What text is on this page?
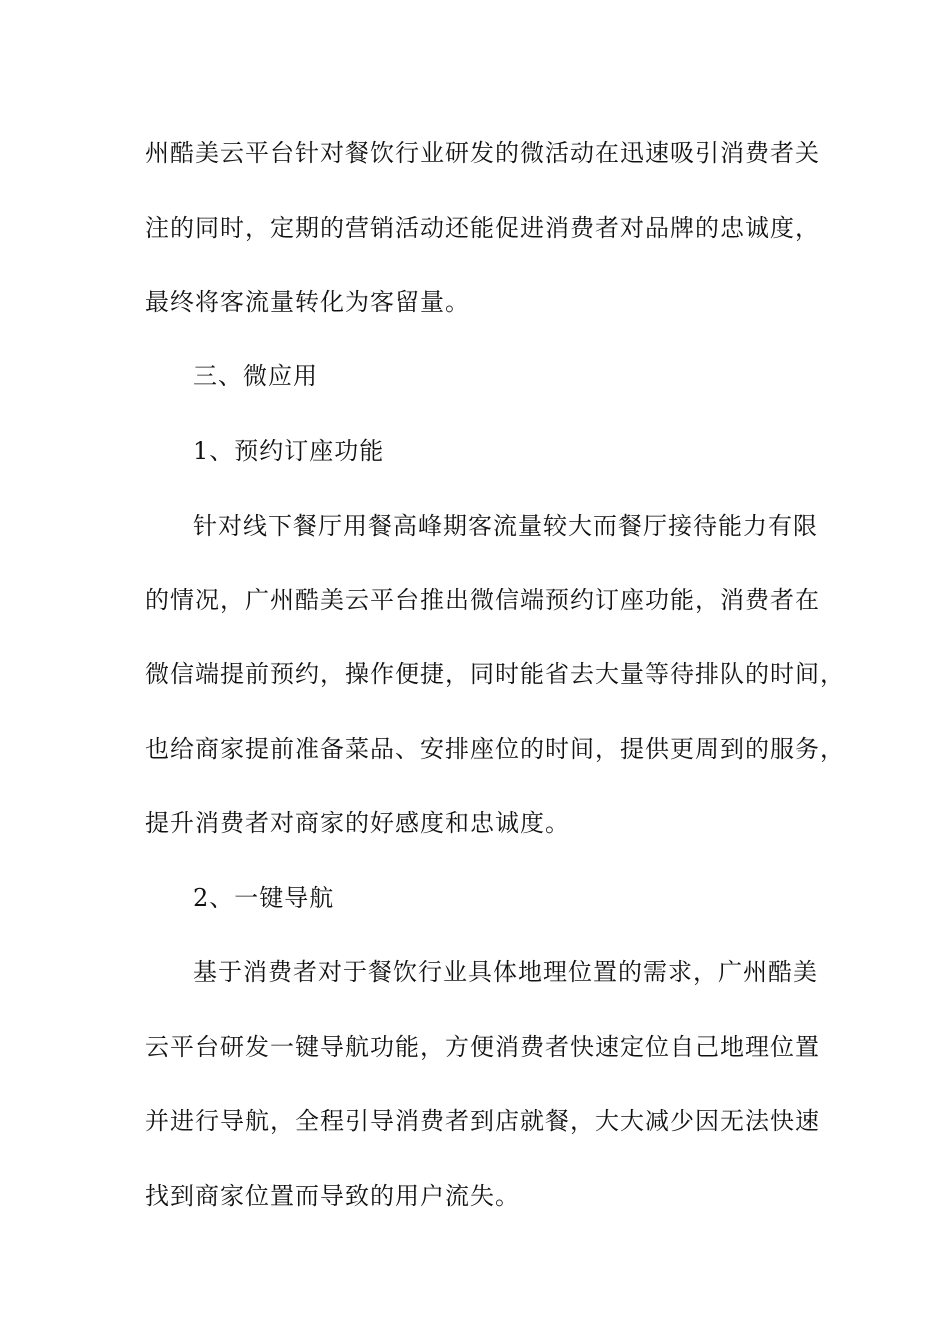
州酷美云平台针对餐饮行业研发的微活动在迅速吸引消费者关
注的同时，定期的营销活动还能促进消费者对品牌的忠诚度，
最终将客流量转化为客留量。
三、微应用
1、预约订座功能
针对线下餐厅用餐高峰期客流量较大而餐厅接待能力有限
的情况，广州酷美云平台推出微信端预约订座功能，消费者在
微信端提前预约，操作便捷，同时能省去大量等待排队的时间，
也给商家提前准备菜品、安排座位的时间，提供更周到的服务，
提升消费者对商家的好感度和忠诚度。
2、一键导航
基于消费者对于餐饮行业具体地理位置的需求，广州酷美
云平台研发一键导航功能，方便消费者快速定位自己地理位置
并进行导航，全程引导消费者到店就餐，大大减少因无法快速
找到商家位置而导致的用户流失。
